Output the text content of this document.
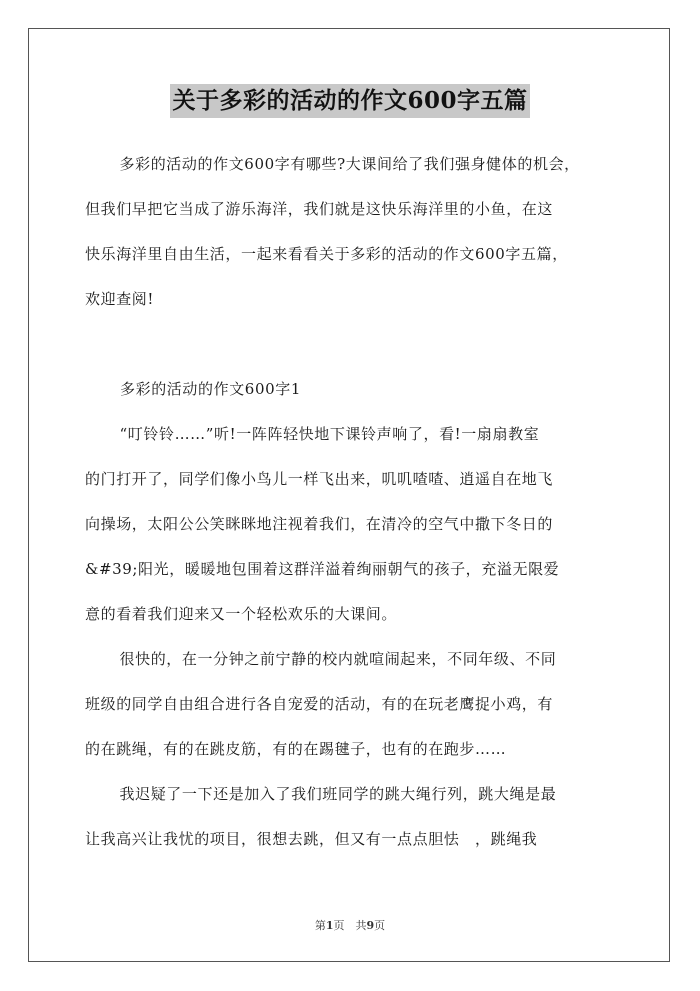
关于多彩的活动的作文600字五篇

多彩的活动的作文600字有哪些?大课间给了我们强身健体的机会，
但我们早把它当成了游乐海洋，我们就是这快乐海洋里的小鱼，在这
快乐海洋里自由生活，一起来看看关于多彩的活动的作文600字五篇，
欢迎查阅!

多彩的活动的作文600字1

“叮铃铃……”听!一阵阵轻快地下课铃声响了，看!一扇扇教室
的门打开了，同学们像小鸟儿一样飞出来，叽叽喳喳、逍遥自在地飞
向操场，太阳公公笑眯眯地注视着我们，在清冷的空气中撒下冬日的
&#39;阳光，暖暖地包围着这群洋溢着绚丽朝气的孩子，充溢无限爱
意的看着我们迎来又一个轻松欢乐的大课间。

很快的，在一分钟之前宁静的校内就喧闹起来，不同年级、不同
班级的同学自由组合进行各自宠爱的活动，有的在玩老鹰捉小鸡，有
的在跳绳，有的在跳皮筋，有的在踢毽子，也有的在跑步……

我迟疑了一下还是加入了我们班同学的跳大绳行列，跳大绳是最
让我高兴让我忧的项目，很想去跳，但又有一点点胆怯　，跳绳我

第1页　共9页
